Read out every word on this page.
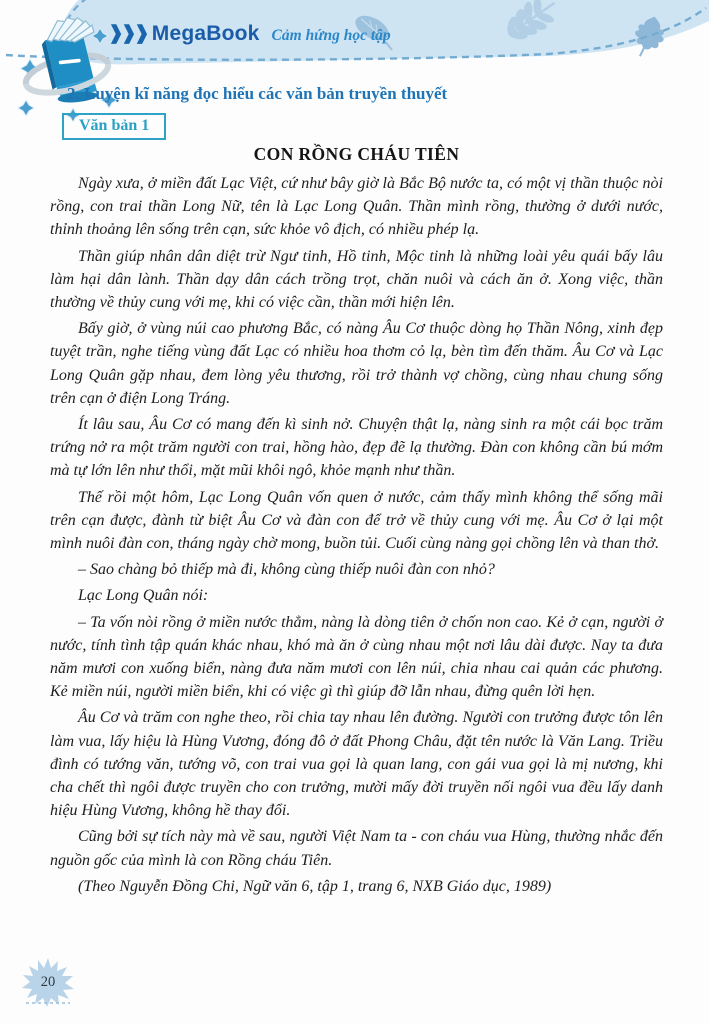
❱❱❱ MegaBook Cảm hứng học tập
2. Luyện kĩ năng đọc hiểu các văn bản truyền thuyết
Văn bản 1
CON RỒNG CHÁU TIÊN

Ngày xưa, ở miền đất Lạc Việt, cứ như bây giờ là Bắc Bộ nước ta, có một vị thần thuộc nòi rồng, con trai thần Long Nữ, tên là Lạc Long Quân. Thần mình rồng, thường ở dưới nước, thỉnh thoảng lên sống trên cạn, sức khỏe vô địch, có nhiều phép lạ.

Thần giúp nhân dân diệt trừ Ngư tinh, Hồ tinh, Mộc tinh là những loài yêu quái bấy lâu làm hại dân lành. Thần dạy dân cách trồng trọt, chăn nuôi và cách ăn ở. Xong việc, thần thường về thủy cung với mẹ, khi có việc cần, thần mới hiện lên.

Bấy giờ, ở vùng núi cao phương Bắc, có nàng Âu Cơ thuộc dòng họ Thần Nông, xinh đẹp tuyệt trần, nghe tiếng vùng đất Lạc có nhiều hoa thơm cỏ lạ, bèn tìm đến thăm. Âu Cơ và Lạc Long Quân gặp nhau, đem lòng yêu thương, rồi trở thành vợ chồng, cùng nhau chung sống trên cạn ở điện Long Tráng.

Ít lâu sau, Âu Cơ có mang đến kì sinh nở. Chuyện thật lạ, nàng sinh ra một cái bọc trăm trứng nở ra một trăm người con trai, hồng hào, đẹp đẽ lạ thường. Đàn con không cần bú mớm mà tự lớn lên như thổi, mặt mũi khôi ngô, khỏe mạnh như thần.

Thế rồi một hôm, Lạc Long Quân vốn quen ở nước, cảm thấy mình không thể sống mãi trên cạn được, đành từ biệt Âu Cơ và đàn con để trở về thủy cung với mẹ. Âu Cơ ở lại một mình nuôi đàn con, tháng ngày chờ mong, buồn tủi. Cuối cùng nàng gọi chồng lên và than thở.

– Sao chàng bỏ thiếp mà đi, không cùng thiếp nuôi đàn con nhỏ?

Lạc Long Quân nói:

– Ta vốn nòi rồng ở miền nước thẳm, nàng là dòng tiên ở chốn non cao. Kẻ ở cạn, người ở nước, tính tình tập quán khác nhau, khó mà ăn ở cùng nhau một nơi lâu dài được. Nay ta đưa năm mươi con xuống biển, nàng đưa năm mươi con lên núi, chia nhau cai quản các phương. Kẻ miền núi, người miền biển, khi có việc gì thì giúp đỡ lẫn nhau, đừng quên lời hẹn.

Âu Cơ và trăm con nghe theo, rồi chia tay nhau lên đường. Người con trưởng được tôn lên làm vua, lấy hiệu là Hùng Vương, đóng đô ở đất Phong Châu, đặt tên nước là Văn Lang. Triều đình có tướng văn, tướng võ, con trai vua gọi là quan lang, con gái vua gọi là mị nương, khi cha chết thì ngôi được truyền cho con trưởng, mười mấy đời truyền nối ngôi vua đều lấy danh hiệu Hùng Vương, không hề thay đổi.

Cũng bởi sự tích này mà về sau, người Việt Nam ta - con cháu vua Hùng, thường nhắc đến nguồn gốc của mình là con Rồng cháu Tiên.

(Theo Nguyễn Đồng Chi, Ngữ văn 6, tập 1, trang 6, NXB Giáo dục, 1989)

20
